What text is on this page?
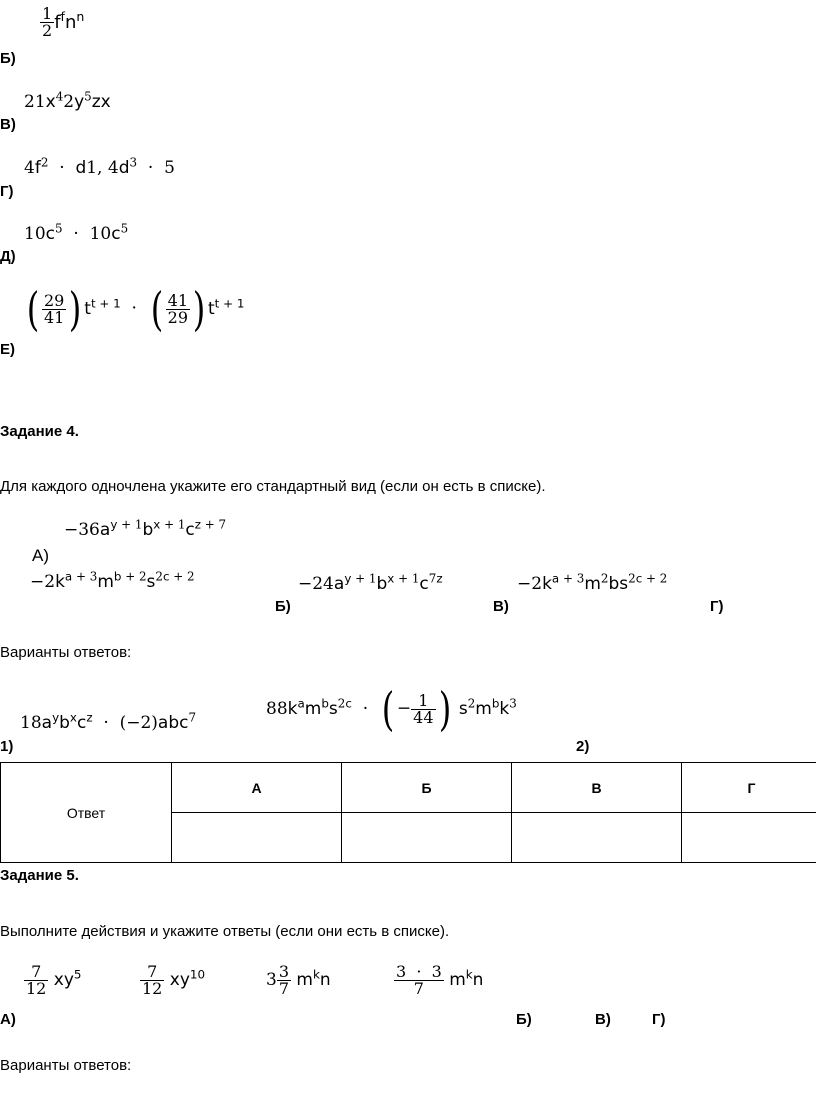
$\frac{1}{2} f^fn^n$
Б)
$21x^42y^5zx$
В)
$4f^2 \cdot d1$, $4d^3 \cdot 5$
Г)
$10c^5 \cdot 10c^5$
Д)
( $\frac{29}{41}$ ) $t^{t + 1}$  ·  ( $\frac{41}{29}$ ) $t^{t + 1}$
Е)
Задание 4.
Для каждого одночлена укажите его стандартный вид (если он есть в списке).
$-36a^{y + 1}b^{x + 1}c^{z + 7}$
А)
$-2k^{a + 3}m^{b + 2}s^{2c + 2}$
Б)
$-24a^{y + 1}b^{x + 1}c^{7z}$
В)
$-2k^{a + 3}m^2bs^{2c + 2}$
Г)
Варианты ответов:
$18a^yb^xc^z \cdot (-2)abc^7$
1)
$88k^am^bs^{2c}$  ·  ( − $\frac{1}{44}$ ) $s^2m^bk^3$
2)
Ответ	А	Б	В	Г

Задание 5.
Выполните действия и укажите ответы (если они есть в списке).
$\frac{7}{12} xy^5$	$\frac{7}{12} xy^{10}$	$3 \frac{3}{7} m^kn$	$\frac{3 \cdot 3}{7} m^kn$
А)	Б)	В)	Г)
Варианты ответов:
